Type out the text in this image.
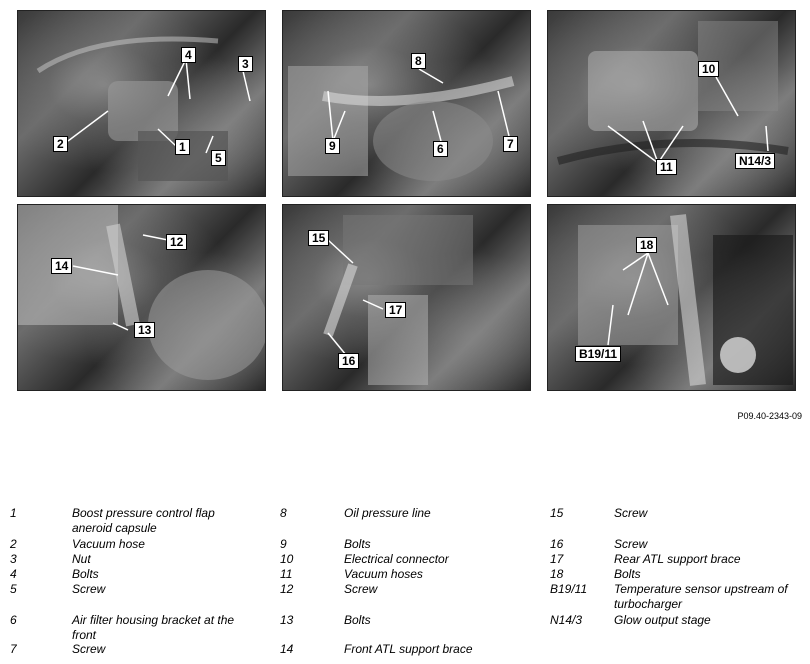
4
3
2	1
5
8
9	6	7
10
11	N14/3
12
14
13
15
17
16
18
B19/11
P09.40-2343-09
1	Boost pressure control flap aneroid capsule
2	Vacuum hose
3	Nut
4	Bolts
5	Screw
6	Air filter housing bracket at the front
7	Screw
8	Oil pressure line
9	Bolts
10	Electrical connector
11	Vacuum hoses
12	Screw
13	Bolts
14	Front ATL support brace
15	Screw
16	Screw
17	Rear ATL support brace
18	Bolts
B19/11 Temperature sensor upstream of turbocharger
N14/3	Glow output stage
